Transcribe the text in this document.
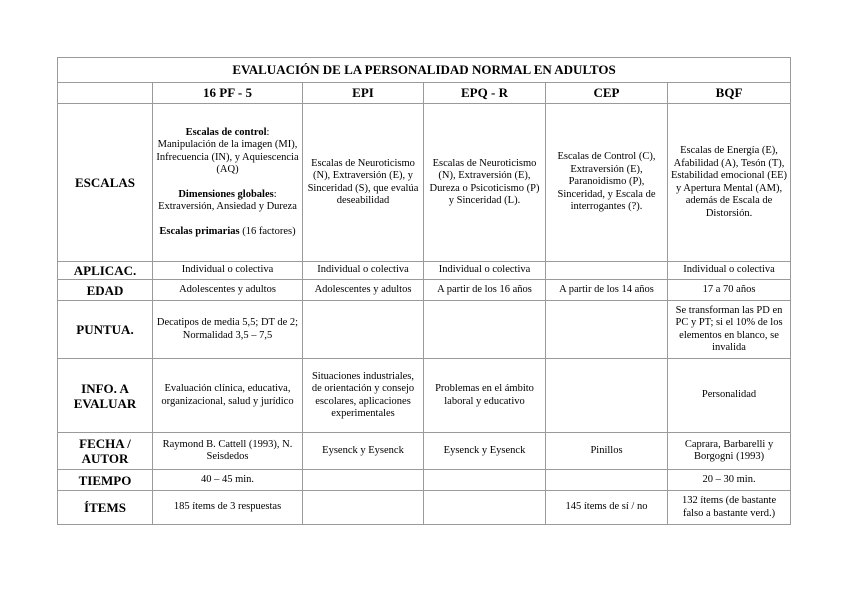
EVALUACIÓN DE LA PERSONALIDAD NORMAL EN ADULTOS					
	16 PF - 5	EPI	EPQ - R	CEP	BQF
ESCALAS	Escalas de control: Manipulación de la imagen (MI), Infrecuencia (IN), y Aquiescencia (AQ)
Dimensiones globales: Extraversión, Ansiedad y Dureza
Escalas primarias (16 factores)	Escalas de Neuroticismo (N), Extraversión (E), y Sinceridad (S), que evalúa deseabilidad	Escalas de Neuroticismo (N), Extraversión (E), Dureza o Psicoticismo (P) y Sinceridad (L).	Escalas de Control (C), Extraversión (E), Paranoidismo (P), Sinceridad, y Escala de interrogantes (?).	Escalas de Energía (E), Afabilidad (A), Tesón (T), Estabilidad emocional (EE) y Apertura Mental (AM), además de Escala de Distorsión.
APLICAC.	Individual o colectiva	Individual o colectiva	Individual o colectiva		Individual o colectiva
EDAD	Adolescentes y adultos	Adolescentes y adultos	A partir de los 16 años	A partir de los 14 años	17 a 70 años
PUNTUA.	Decatipos de media 5,5; DT de 2; Normalidad 3,5 – 7,5				Se transforman las PD en PC y PT; si el 10% de los elementos en blanco, se invalida
INFO. A EVALUAR	Evaluación clínica, educativa, organizacional, salud y jurídico	Situaciones industriales, de orientación y consejo escolares, aplicaciones experimentales	Problemas en el ámbito laboral y educativo		Personalidad
FECHA / AUTOR	Raymond B. Cattell (1993), N. Seisdedos	Eysenck y Eysenck	Eysenck y Eysenck	Pinillos	Caprara, Barbarelli y Borgogni (1993)
TIEMPO	40 – 45 min.				20 – 30 min.
ÍTEMS	185 ítems de 3 respuestas			145 ítems de sí / no	132 ítems (de bastante falso a bastante verd.)
